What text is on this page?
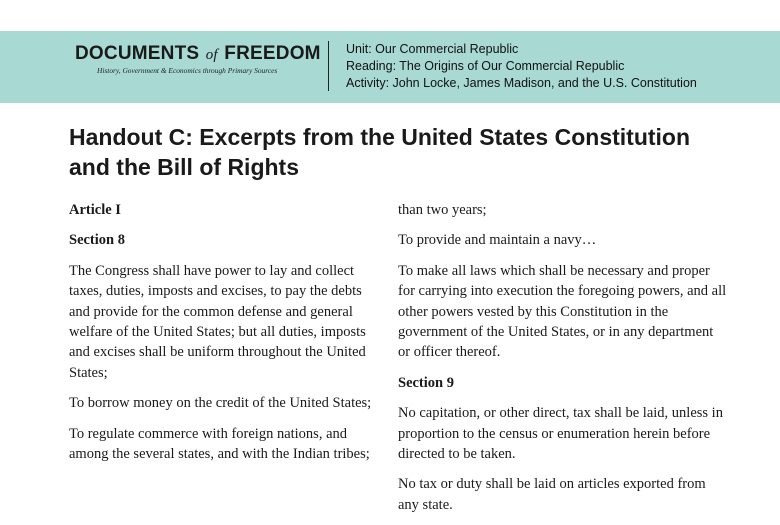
DOCUMENTS of FREEDOM
History, Government & Economics through Primary Sources
Unit: Our Commercial Republic
Reading: The Origins of Our Commercial Republic
Activity: John Locke, James Madison, and the U.S. Constitution
Handout C: Excerpts from the United States Constitution and the Bill of Rights

Article I

Section 8

The Congress shall have power to lay and collect taxes, duties, imposts and excises, to pay the debts and provide for the common defense and general welfare of the United States; but all duties, imposts and excises shall be uniform throughout the United States;

To borrow money on the credit of the United States;

To regulate commerce with foreign nations, and among the several states, and with the Indian tribes;

than two years;

To provide and maintain a navy…

To make all laws which shall be necessary and proper for carrying into execution the foregoing powers, and all other powers vested by this Constitution in the government of the United States, or in any department or officer thereof.

Section 9

No capitation, or other direct, tax shall be laid, unless in proportion to the census or enumeration herein before directed to be taken.

No tax or duty shall be laid on articles exported from any state.
